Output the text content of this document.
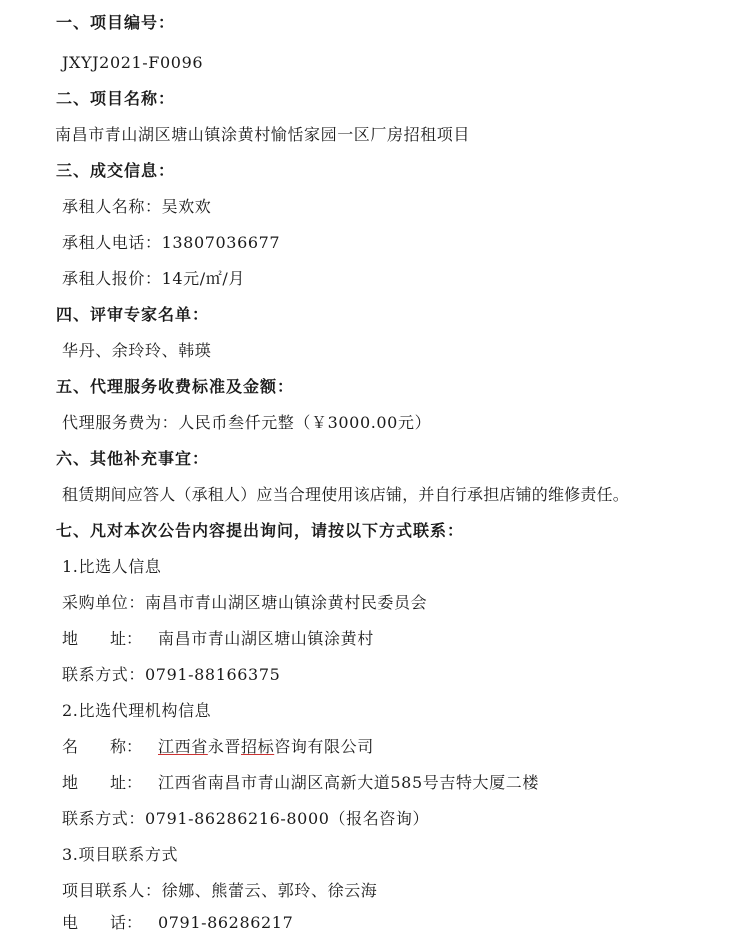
一、项目编号：
JXYJ2021-F0096
二、项目名称：
南昌市青山湖区塘山镇涂黄村愉恬家园一区厂房招租项目
三、成交信息：
承租人名称：吴欢欢
承租人电话：13807036677
承租人报价：14元/㎡/月
四、评审专家名单：
华丹、余玲玲、韩瑛
五、代理服务收费标准及金额：
代理服务费为：人民币叁仟元整（￥3000.00元）
六、其他补充事宜：
租赁期间应答人（承租人）应当合理使用该店铺，并自行承担店铺的维修责任。
七、凡对本次公告内容提出询问，请按以下方式联系：
1.比选人信息
采购单位：南昌市青山湖区塘山镇涂黄村民委员会
地　　址： 南昌市青山湖区塘山镇涂黄村
联系方式：0791-88166375
2.比选代理机构信息
名　　称： 江西省永晋招标咨询有限公司
地　　址： 江西省南昌市青山湖区高新大道585号吉特大厦二楼
联系方式：0791-86286216-8000（报名咨询）
3.项目联系方式
项目联系人：徐娜、熊蕾云、郭玲、徐云海
电　　话： 0791-86286217
